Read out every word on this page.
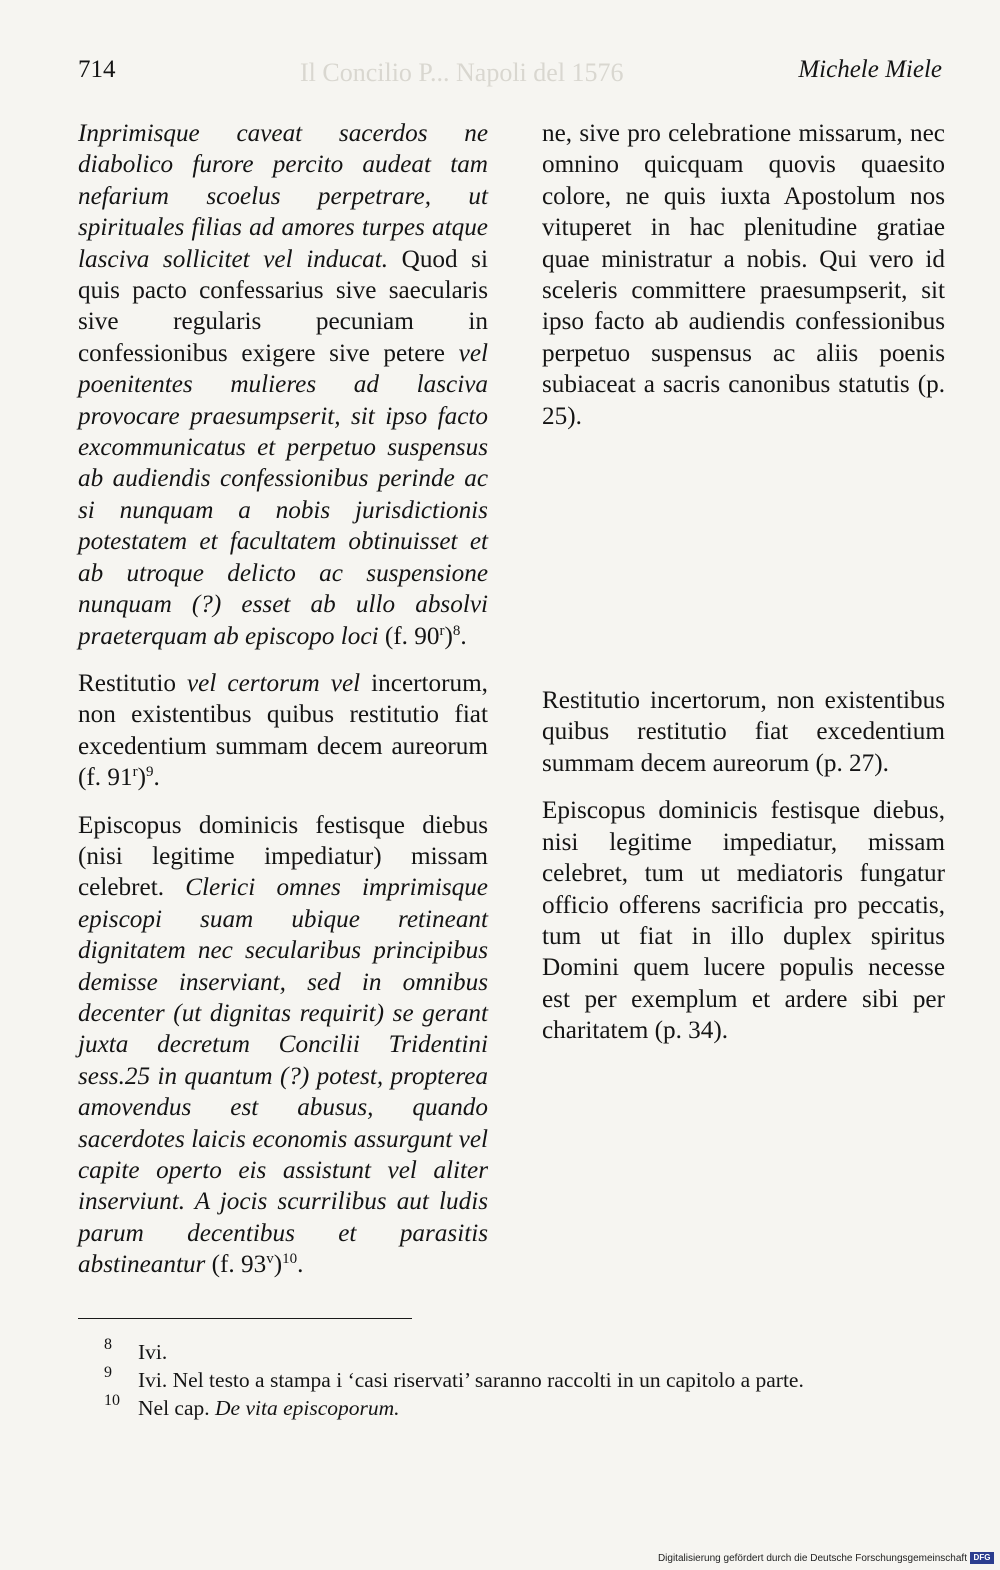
Il Concilio P... Napoli del 1576
714	Michele Miele

Inprimisque caveat sacerdos ne diabolico furore percito audeat tam nefarium scoelus perpetrare, ut spirituales filias ad amores turpes atque lasciva sollicitet vel inducat. Quod si quis pacto confessarius sive saecularis sive regularis pecuniam in confessionibus exigere sive petere vel poenitentes mulieres ad lasciva provocare praesumpserit, sit ipso facto excommunicatus et perpetuo suspensus ab audiendis confessionibus perinde ac si nunquam a nobis jurisdictionis potestatem et facultatem obtinuisset et ab utroque delicto ac suspensione nunquam (?) esset ab ullo absolvi praeterquam ab episcopo loci (f. 90$^r$)$^8$.

Restitutio vel certorum vel incertorum, non existentibus quibus restitutio fiat excedentium summam decem aureorum (f. 91$^r$)$^9$.

Episcopus dominicis festisque diebus (nisi legitime impediatur) missam celebret. Clerici omnes imprimisque episcopi suam ubique retineant dignitatem nec secularibus principibus demisse inserviant, sed in omnibus decenter (ut dignitas requirit) se gerant juxta decretum Concilii Tridentini sess.25 in quantum (?) potest, propterea amovendus est abusus, quando sacerdotes laicis economis assurgunt vel capite operto eis assistunt vel aliter inserviunt. A jocis scurrilibus aut ludis parum decentibus et parasitis abstineantur (f. 93$^v$)$^{10}$.

ne, sive pro celebratione missarum, nec omnino quicquam quovis quaesito colore, ne quis iuxta Apostolum nos vituperet in hac plenitudine gratiae quae ministratur a nobis. Qui vero id sceleris committere praesumpserit, sit ipso facto ab audiendis confessionibus perpetuo suspensus ac aliis poenis subiaceat a sacris canonibus statutis (p. 25).

Restitutio incertorum, non existentibus quibus restitutio fiat excedentium summam decem aureorum (p. 27).

Episcopus dominicis festisque diebus, nisi legitime impediatur, missam celebret, tum ut mediatoris fungatur officio offerens sacrificia pro peccatis, tum ut fiat in illo duplex spiritus Domini quem lucere populis necesse est per exemplum et ardere sibi per charitatem (p. 34).

8 Ivi.
9 Ivi. Nel testo a stampa i ‘casi riservati’ saranno raccolti in un capitolo a parte.
10 Nel cap. De vita episcoporum.
Digitalisierung gefördert durch die Deutsche Forschungsgemeinschaft DFG
